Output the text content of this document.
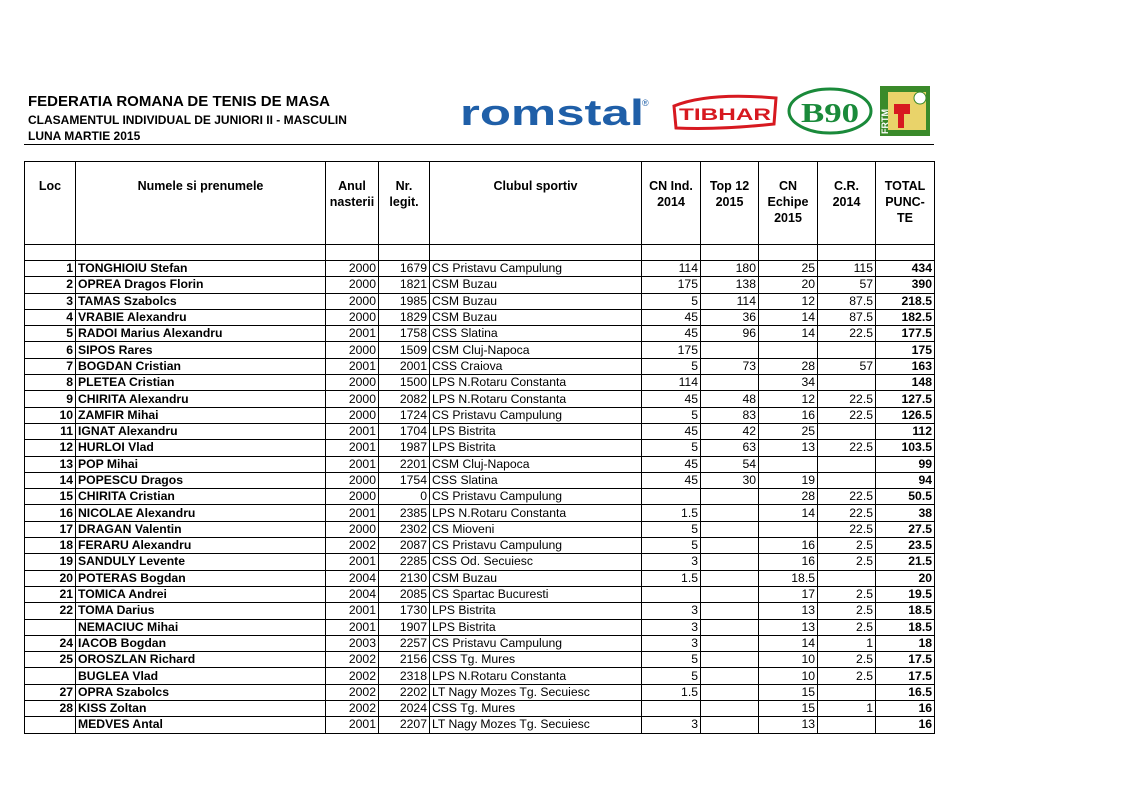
FEDERATIA ROMANA DE TENIS DE MASA
CLASAMENTUL INDIVIDUAL DE JUNIORI II - MASCULIN
LUNA MARTIE 2015
romstal
®
TIBHAR B90 FRTM
Loc	Numele si prenumele	Anul nasterii	Nr. legit.	Clubul sportiv	CN Ind. 2014	Top 12 2015	CN Echipe 2015	C.R. 2014	TOTAL PUNC-TE

1	TONGHIOIU Stefan	2000	1679	CS Pristavu Campulung	114	180	25	115	434
2	OPREA Dragos Florin	2000	1821	CSM Buzau	175	138	20	57	390
3	TAMAS Szabolcs	2000	1985	CSM Buzau	5	114	12	87.5	218.5
4	VRABIE Alexandru	2000	1829	CSM Buzau	45	36	14	87.5	182.5
5	RADOI Marius Alexandru	2001	1758	CSS Slatina	45	96	14	22.5	177.5
6	SIPOS Rares	2000	1509	CSM Cluj-Napoca	175				175
7	BOGDAN Cristian	2001	2001	CSS Craiova	5	73	28	57	163
8	PLETEA Cristian	2000	1500	LPS N.Rotaru Constanta	114		34		148
9	CHIRITA Alexandru	2000	2082	LPS N.Rotaru Constanta	45	48	12	22.5	127.5
10	ZAMFIR Mihai	2000	1724	CS Pristavu Campulung	5	83	16	22.5	126.5
11	IGNAT Alexandru	2001	1704	LPS Bistrita	45	42	25		112
12	HURLOI Vlad	2001	1987	LPS Bistrita	5	63	13	22.5	103.5
13	POP Mihai	2001	2201	CSM Cluj-Napoca	45	54			99
14	POPESCU Dragos	2000	1754	CSS Slatina	45	30	19		94
15	CHIRITA Cristian	2000	0	CS Pristavu Campulung			28	22.5	50.5
16	NICOLAE Alexandru	2001	2385	LPS N.Rotaru Constanta	1.5		14	22.5	38
17	DRAGAN Valentin	2000	2302	CS Mioveni	5			22.5	27.5
18	FERARU Alexandru	2002	2087	CS Pristavu Campulung	5		16	2.5	23.5
19	SANDULY Levente	2001	2285	CSS Od. Secuiesc	3		16	2.5	21.5
20	POTERAS Bogdan	2004	2130	CSM Buzau	1.5		18.5		20
21	TOMICA Andrei	2004	2085	CS Spartac Bucuresti			17	2.5	19.5
22	TOMA Darius	2001	1730	LPS Bistrita	3		13	2.5	18.5
	NEMACIUC Mihai	2001	1907	LPS Bistrita	3		13	2.5	18.5
24	IACOB Bogdan	2003	2257	CS Pristavu Campulung	3		14	1	18
25	OROSZLAN Richard	2002	2156	CSS Tg. Mures	5		10	2.5	17.5
	BUGLEA Vlad	2002	2318	LPS N.Rotaru Constanta	5		10	2.5	17.5
27	OPRA Szabolcs	2002	2202	LT Nagy Mozes Tg. Secuiesc	1.5		15		16.5
28	KISS Zoltan	2002	2024	CSS Tg. Mures			15	1	16
	MEDVES Antal	2001	2207	LT Nagy Mozes Tg. Secuiesc	3		13		16
